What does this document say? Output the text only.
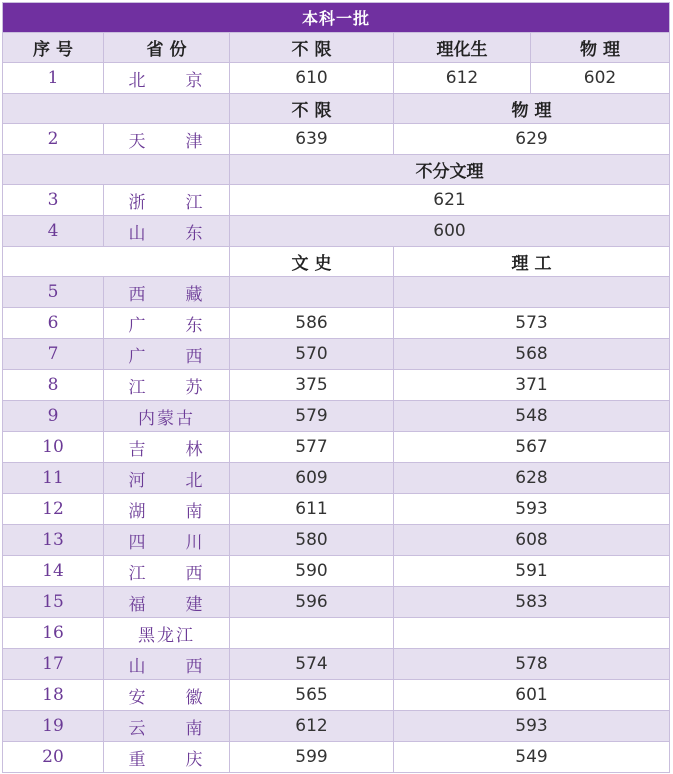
本科一批				
序 号	省 份	不 限	理化生	物 理
1	北　　京	610	612	602
		不 限	物 理	
2	天　　津	639	629	
		不分文理		
3	浙　　江	621		
4	山　　东	600		
		文 史	理 工	
5	西　　藏			
6	广　　东	586	573	
7	广　　西	570	568	
8	江　　苏	375	371	
9	内蒙古	579	548	
10	吉　　林	577	567	
11	河　　北	609	628	
12	湖　　南	611	593	
13	四　　川	580	608	
14	江　　西	590	591	
15	福　　建	596	583	
16	黑龙江			
17	山　　西	574	578	
18	安　　徽	565	601	
19	云　　南	612	593	
20	重　　庆	599	549	
